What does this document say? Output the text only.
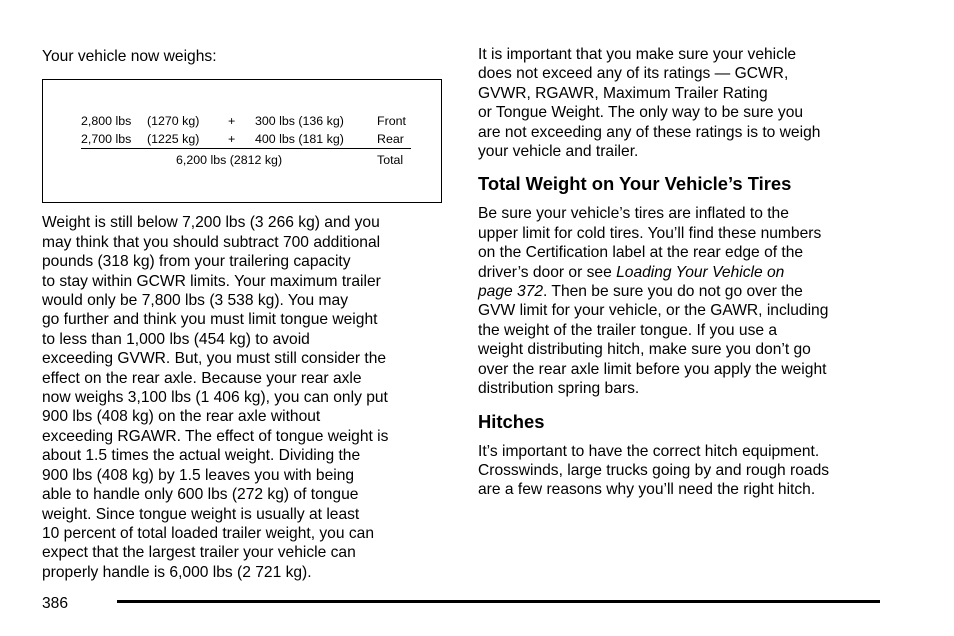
Your vehicle now weighs:

2,800 lbs (1270 kg) + 300 lbs (136 kg)	Front
2,700 lbs (1225 kg) + 400 lbs (181 kg)	Rear
6,200 lbs (2812 kg)	Total

Weight is still below 7,200 lbs (3 266 kg) and you
may think that you should subtract 700 additional
pounds (318 kg) from your trailering capacity
to stay within GCWR limits. Your maximum trailer
would only be 7,800 lbs (3 538 kg). You may
go further and think you must limit tongue weight
to less than 1,000 lbs (454 kg) to avoid
exceeding GVWR. But, you must still consider the
effect on the rear axle. Because your rear axle
now weighs 3,100 lbs (1 406 kg), you can only put
900 lbs (408 kg) on the rear axle without
exceeding RGAWR. The effect of tongue weight is
about 1.5 times the actual weight. Dividing the
900 lbs (408 kg) by 1.5 leaves you with being
able to handle only 600 lbs (272 kg) of tongue
weight. Since tongue weight is usually at least
10 percent of total loaded trailer weight, you can
expect that the largest trailer your vehicle can
properly handle is 6,000 lbs (2 721 kg).

It is important that you make sure your vehicle
does not exceed any of its ratings — GCWR,
GVWR, RGAWR, Maximum Trailer Rating
or Tongue Weight. The only way to be sure you
are not exceeding any of these ratings is to weigh
your vehicle and trailer.

Total Weight on Your Vehicle’s Tires

Be sure your vehicle’s tires are inflated to the
upper limit for cold tires. You’ll find these numbers
on the Certification label at the rear edge of the
driver’s door or see Loading Your Vehicle on
page 372. Then be sure you do not go over the
GVW limit for your vehicle, or the GAWR, including
the weight of the trailer tongue. If you use a
weight distributing hitch, make sure you don’t go
over the rear axle limit before you apply the weight
distribution spring bars.

Hitches

It’s important to have the correct hitch equipment.
Crosswinds, large trucks going by and rough roads
are a few reasons why you’ll need the right hitch.

386
